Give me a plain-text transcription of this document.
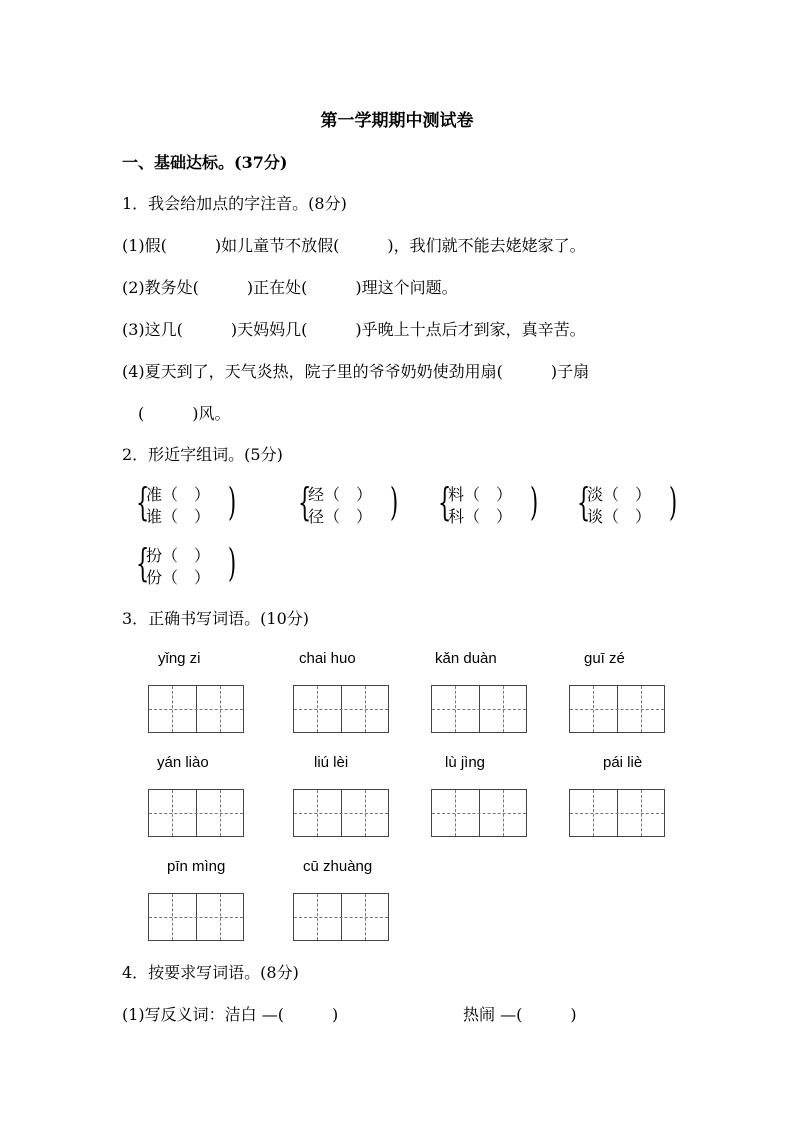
第一学期期中测试卷
一、基础达标。(37分)
1．我会给加点的字注音。(8分)
(1)假(　　　)如儿童节不放假(　　　)，我们就不能去姥姥家了。
(2)教务处(　　　)正在处(　　　)理这个问题。
(3)这几(　　　)天妈妈几(　　　)乎晚上十点后才到家，真辛苦。
(4)夏天到了，天气炎热，院子里的爷爷奶奶使劲用扇(　　　)子扇
(　　　)风。
2．形近字组词。(5分)
{
准（　）
谁（　） ) {
经（　）
径（　） ) {
料（　）
科（　） ) {
淡（　）
谈（　） )
{
扮（　）
份（　） )
3．正确书写词语。(10分)
yǐng zi	chai huo	kǎn duàn	guī zé
yán liào	liú lèi	lù jìng	pái liè
pīn mìng	cū zhuàng
4．按要求写词语。(8分)
(1)写反义词：洁白 —(　　　)	热闹 —(　　　)
